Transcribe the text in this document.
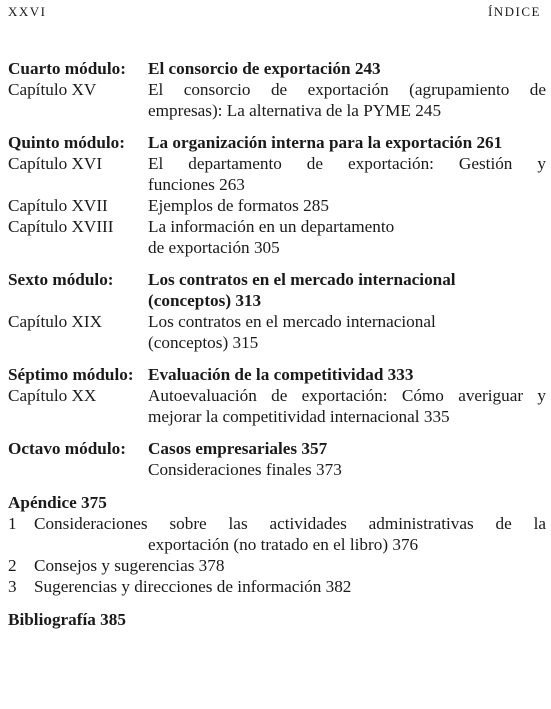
XXVI	ÍNDICE
Cuarto módulo:	El consorcio de exportación 243
Capítulo XV	El consorcio de exportación (agrupamiento de
empresas): La alternativa de la PYME 245
Quinto módulo:	La organización interna para la exportación 261
Capítulo XVI	El departamento de exportación: Gestión y
funciones 263
Capítulo XVII	Ejemplos de formatos 285
Capítulo XVIII	La información en un departamento
de exportación 305
Sexto módulo:	Los contratos en el mercado internacional
(conceptos) 313
Capítulo XIX	Los contratos en el mercado internacional
(conceptos) 315
Séptimo módulo: Evaluación de la competitividad 333
Capítulo XX	Autoevaluación de exportación: Cómo averiguar y
mejorar la competitividad internacional 335
Octavo módulo:	Casos empresariales 357
Consideraciones finales 373
Apéndice 375
1	Consideraciones sobre las actividades administrativas de la
exportación (no tratado en el libro) 376
2	Consejos y sugerencias 378
3	Sugerencias y direcciones de información 382
Bibliografía 385
